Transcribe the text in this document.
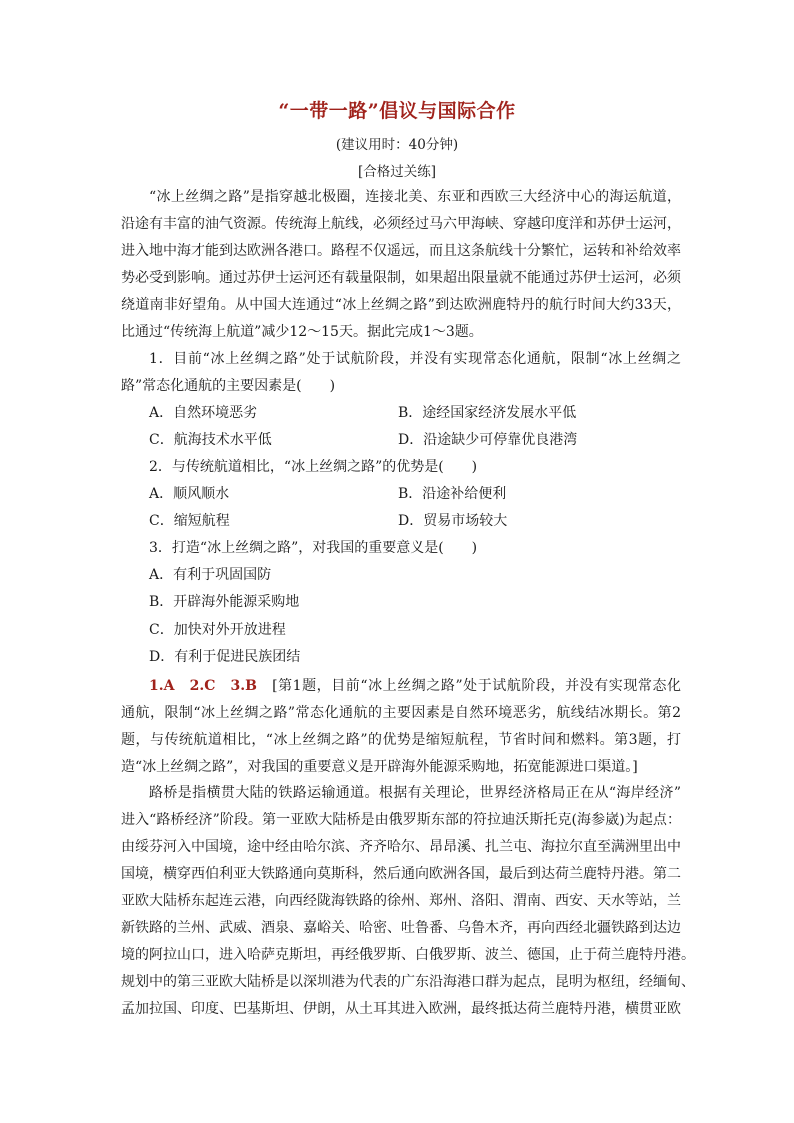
“一带一路”倡议与国际合作
(建议用时：40分钟)
[合格过关练]
“冰上丝绸之路”是指穿越北极圈，连接北美、东亚和西欧三大经济中心的海运航道，
沿途有丰富的油气资源。传统海上航线，必须经过马六甲海峡、穿越印度洋和苏伊士运河，
进入地中海才能到达欧洲各港口。路程不仅遥远，而且这条航线十分繁忙，运转和补给效率
势必受到影响。通过苏伊士运河还有载量限制，如果超出限量就不能通过苏伊士运河，必须
绕道南非好望角。从中国大连通过“冰上丝绸之路”到达欧洲鹿特丹的航行时间大约33天，
比通过“传统海上航道”减少12～15天。据此完成1～3题。
1．目前“冰上丝绸之路”处于试航阶段，并没有实现常态化通航，限制“冰上丝绸之
路”常态化通航的主要因素是(　　)
A．自然环境恶劣	B．途经国家经济发展水平低
C．航海技术水平低	D．沿途缺少可停靠优良港湾
2．与传统航道相比，“冰上丝绸之路”的优势是(　　)
A．顺风顺水	B．沿途补给便利
C．缩短航程	D．贸易市场较大
3．打造“冰上丝绸之路”，对我国的重要意义是(　　)
A．有利于巩固国防
B．开辟海外能源采购地
C．加快对外开放进程
D．有利于促进民族团结
1.A　2.C　3.B　 [第1题，目前“冰上丝绸之路”处于试航阶段，并没有实现常态化
通航，限制“冰上丝绸之路”常态化通航的主要因素是自然环境恶劣，航线结冰期长。第2
题，与传统航道相比，“冰上丝绸之路”的优势是缩短航程，节省时间和燃料。第3题，打
造“冰上丝绸之路”，对我国的重要意义是开辟海外能源采购地，拓宽能源进口渠道。]
路桥是指横贯大陆的铁路运输通道。根据有关理论，世界经济格局正在从“海岸经济”
进入“路桥经济”阶段。第一亚欧大陆桥是由俄罗斯东部的符拉迪沃斯托克(海参崴)为起点：
由绥芬河入中国境，途中经由哈尔滨、齐齐哈尔、昂昂溪、扎兰屯、海拉尔直至满洲里出中
国境，横穿西伯利亚大铁路通向莫斯科，然后通向欧洲各国，最后到达荷兰鹿特丹港。第二
亚欧大陆桥东起连云港，向西经陇海铁路的徐州、郑州、洛阳、渭南、西安、天水等站，兰
新铁路的兰州、武威、酒泉、嘉峪关、哈密、吐鲁番、乌鲁木齐，再向西经北疆铁路到达边
境的阿拉山口，进入哈萨克斯坦，再经俄罗斯、白俄罗斯、波兰、德国，止于荷兰鹿特丹港。
规划中的第三亚欧大陆桥是以深圳港为代表的广东沿海港口群为起点，昆明为枢纽，经缅甸、
孟加拉国、印度、巴基斯坦、伊朗，从土耳其进入欧洲，最终抵达荷兰鹿特丹港，横贯亚欧
